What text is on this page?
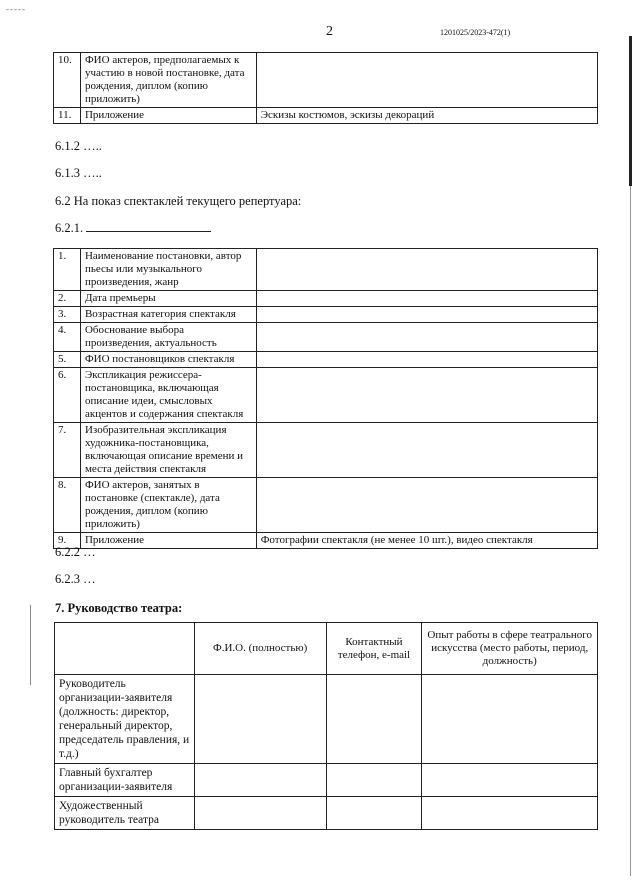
-----
2	1201025/2023-472(1)
10.	ФИО актеров, предполагаемых к участию в новой постановке, дата рождения, диплом (копию приложить)	
11.	Приложение	Эскизы костюмов, эскизы декораций
6.1.2 …..
6.1.3 …..
6.2 На показ спектаклей текущего репертуара:
6.2.1.
1.	Наименование постановки, автор пьесы или музыкального произведения, жанр	
2.	Дата премьеры	
3.	Возрастная категория спектакля	
4.	Обоснование выбора произведения, актуальность	
5.	ФИО постановщиков спектакля	
6.	Экспликация режиссера-постановщика, включающая описание идеи, смысловых акцентов и содержания спектакля	
7.	Изобразительная экспликация художника-постановщика, включающая описание времени и места действия спектакля	
8.	ФИО актеров, занятых в постановке (спектакле), дата рождения, диплом (копию приложить)	
9.	Приложение	Фотографии спектакля (не менее 10 шт.), видео спектакля
6.2.2 …
6.2.3 …
7. Руководство театра:
	Ф.И.О. (полностью)	Контактный телефон, e-mail	Опыт работы в сфере театрального искусства (место работы, период, должность)
Руководитель организации-заявителя (должность: директор, генеральный директор, председатель правления, и т.д.)			
Главный бухгалтер организации-заявителя			
Художественный руководитель театра			
